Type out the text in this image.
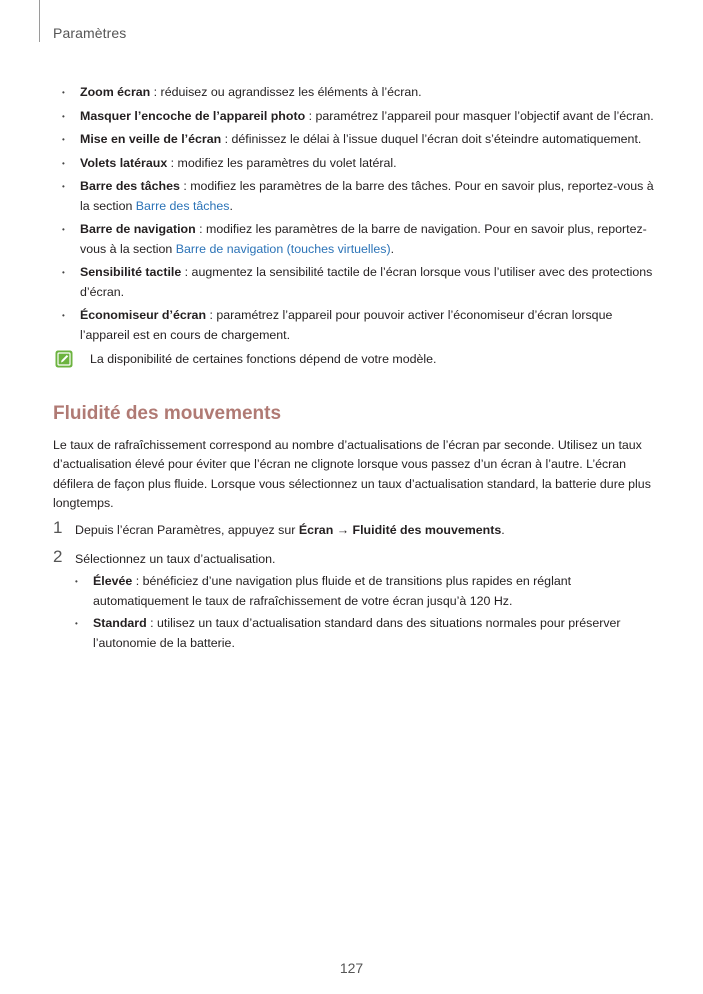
Paramètres
• Zoom écran : réduisez ou agrandissez les éléments à l’écran.
• Masquer l’encoche de l’appareil photo : paramétrez l’appareil pour masquer l’objectif avant de l’écran.
• Mise en veille de l’écran : définissez le délai à l’issue duquel l’écran doit s’éteindre automatiquement.
• Volets latéraux : modifiez les paramètres du volet latéral.
• Barre des tâches : modifiez les paramètres de la barre des tâches. Pour en savoir plus, reportez-vous à la section Barre des tâches.
• Barre de navigation : modifiez les paramètres de la barre de navigation. Pour en savoir plus, reportez-vous à la section Barre de navigation (touches virtuelles).
• Sensibilité tactile : augmentez la sensibilité tactile de l’écran lorsque vous l’utiliser avec des protections d’écran.
• Économiseur d’écran : paramétrez l’appareil pour pouvoir activer l’économiseur d’écran lorsque l’appareil est en cours de chargement.
La disponibilité de certaines fonctions dépend de votre modèle.
Fluidité des mouvements

Le taux de rafraîchissement correspond au nombre d’actualisations de l’écran par seconde. Utilisez un taux d’actualisation élevé pour éviter que l’écran ne clignote lorsque vous passez d’un écran à l’autre. L’écran défilera de façon plus fluide. Lorsque vous sélectionnez un taux d’actualisation standard, la batterie dure plus longtemps.

1 Depuis l’écran Paramètres, appuyez sur Écran → Fluidité des mouvements.
2 Sélectionnez un taux d’actualisation.
• Élevée : bénéficiez d’une navigation plus fluide et de transitions plus rapides en réglant automatiquement le taux de rafraîchissement de votre écran jusqu’à 120 Hz.
• Standard : utilisez un taux d’actualisation standard dans des situations normales pour préserver l’autonomie de la batterie.
127
